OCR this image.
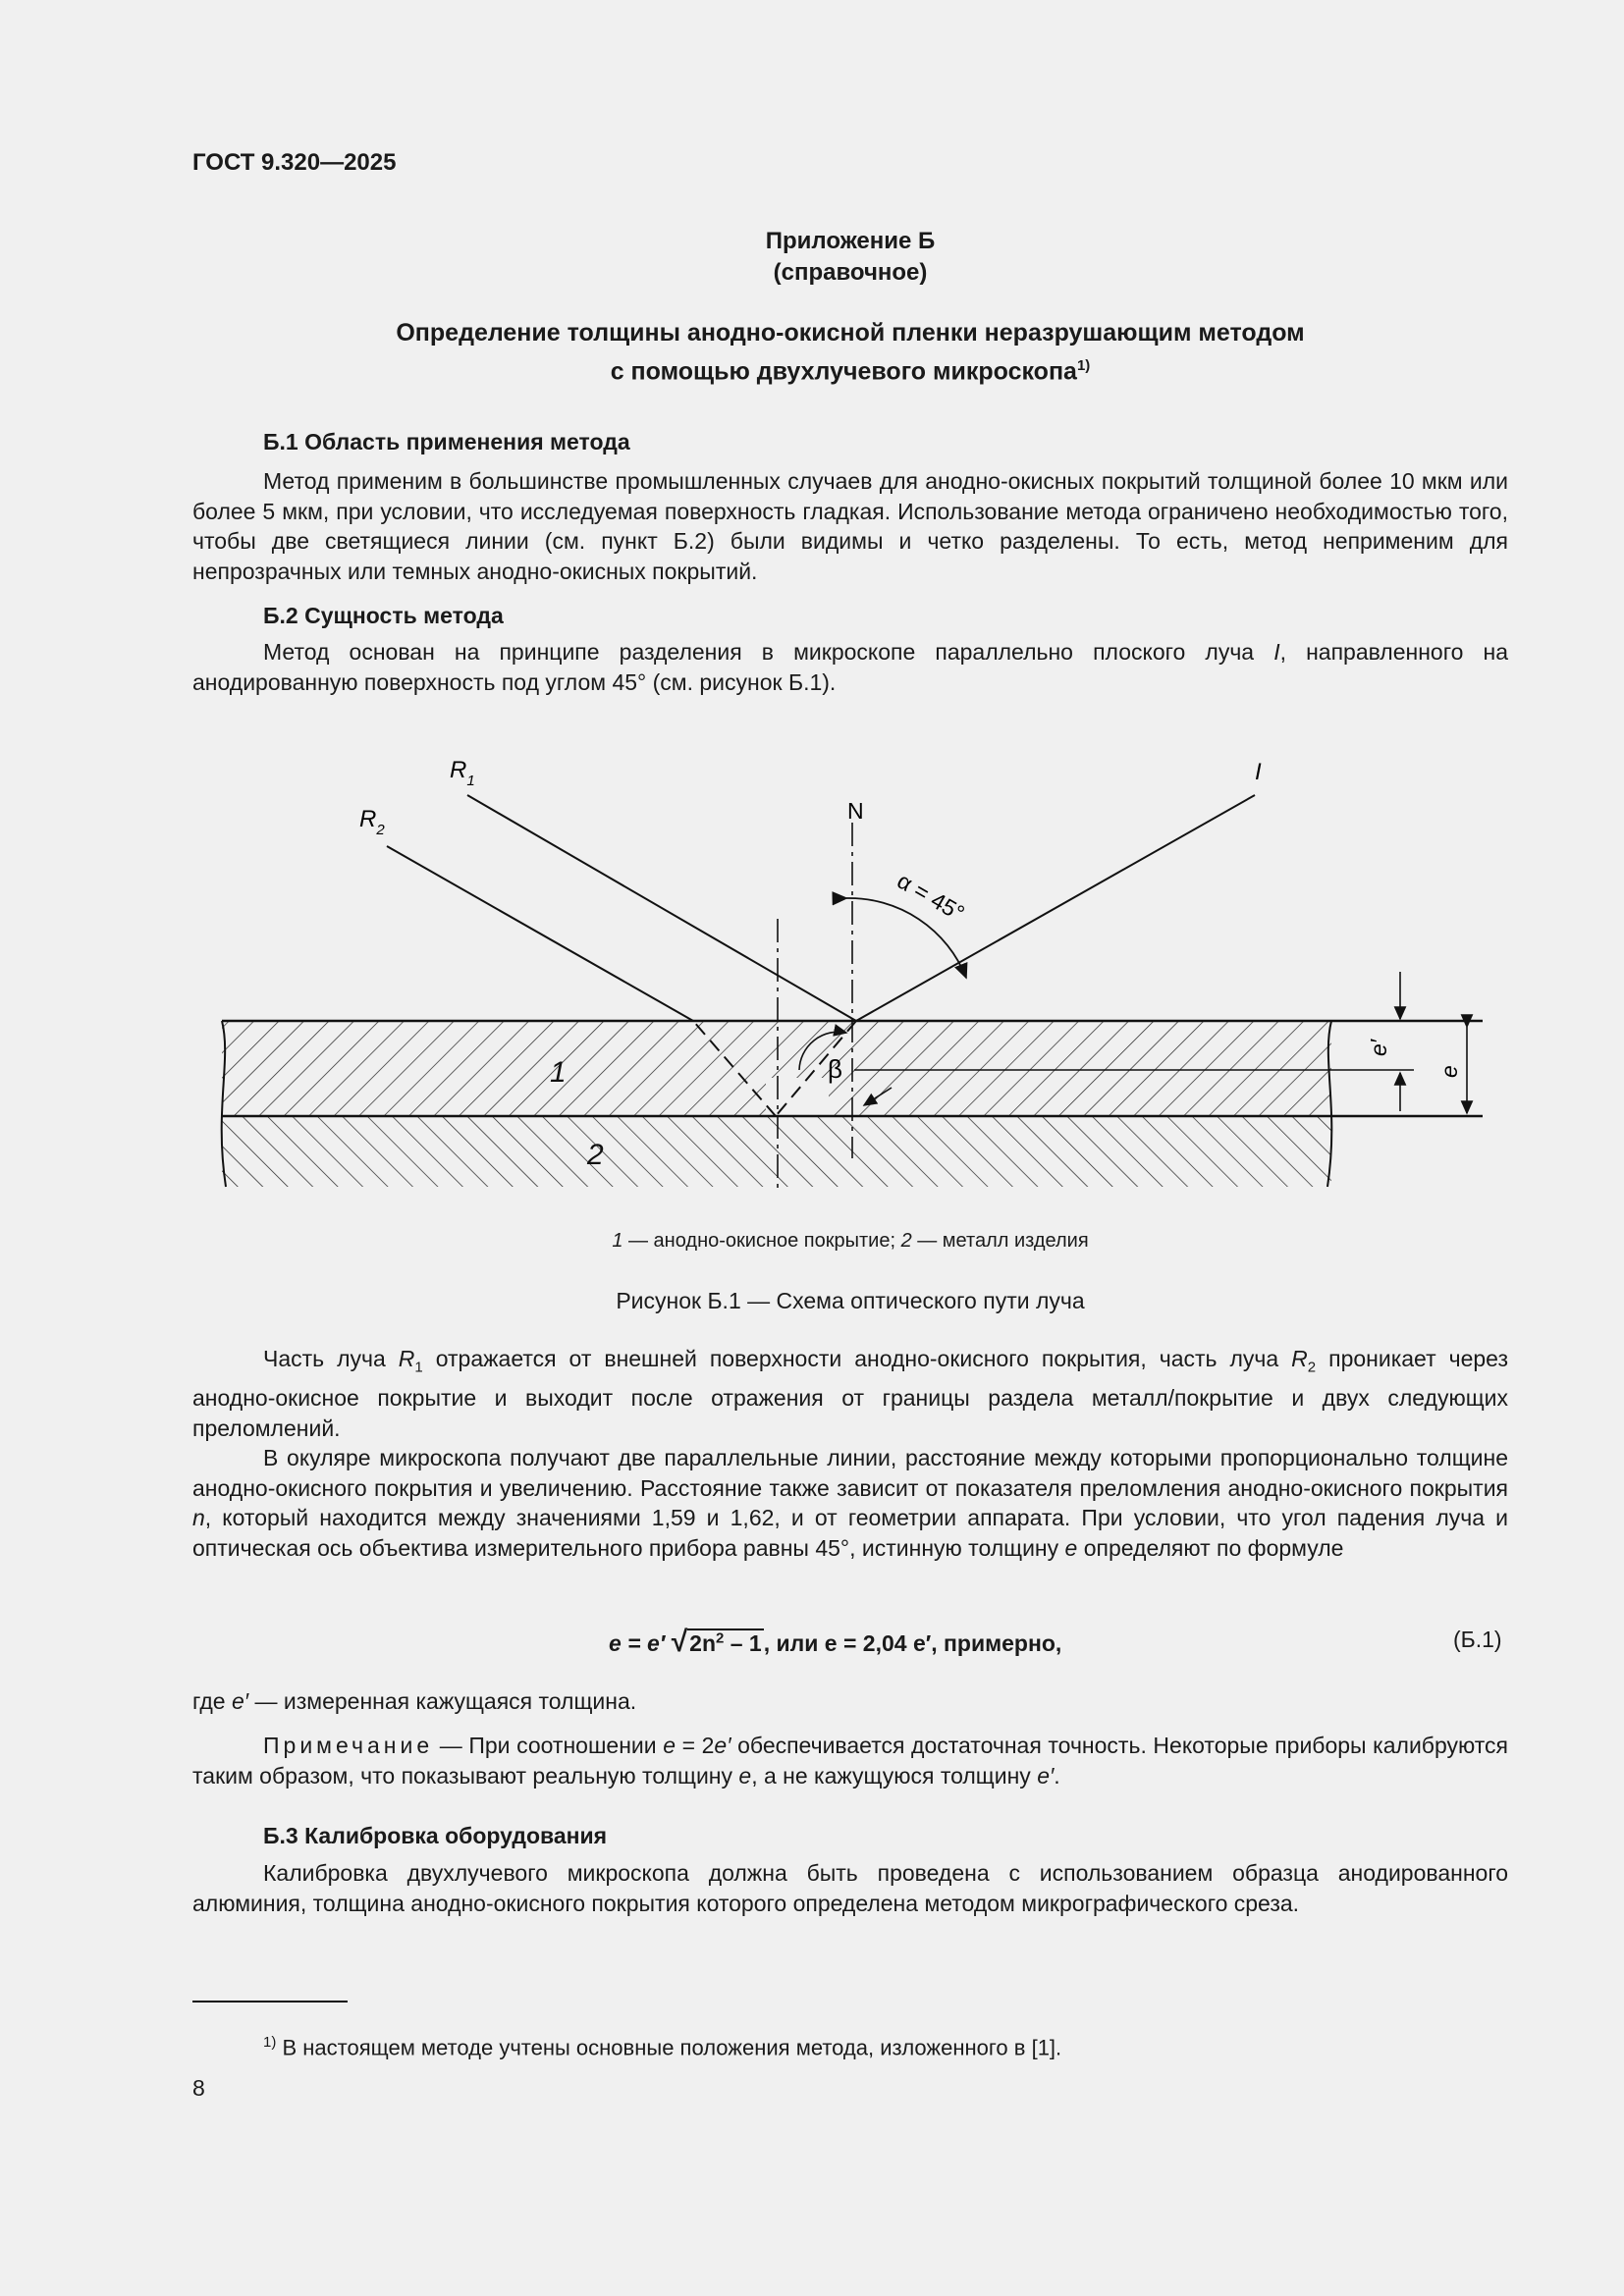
ГОСТ 9.320—2025
Приложение Б
(справочное)
Определение толщины анодно-окисной пленки неразрушающим методом
с помощью двухлучевого микроскопа$^{1)}$
Б.1 Область применения метода

Метод применим в большинстве промышленных случаев для анодно-окисных покрытий толщиной более 10 мкм или более 5 мкм, при условии, что исследуемая поверхность гладкая. Использование метода ограничено необходимостью того, чтобы две светящиеся линии (см. пункт Б.2) были видимы и четко разделены. То есть, метод неприменим для непрозрачных или темных анодно-окисных покрытий.

Б.2 Сущность метода

Метод основан на принципе разделения в микроскопе параллельно плоского луча I, направленного на анодированную поверхность под углом 45° (см. рисунок Б.1).

$R_1$
$R_2$
N
I
α = 45°
β
1
2
e′
e
1 — анодно-окисное покрытие; 2 — металл изделия
Рисунок Б.1 — Схема оптического пути луча

Часть луча $R_1$ отражается от внешней поверхности анодно-окисного покрытия, часть луча $R_2$ проникает через анодно-окисное покрытие и выходит после отражения от границы раздела металл/покрытие и двух следующих преломлений.

В окуляре микроскопа получают две параллельные линии, расстояние между которыми пропорционально толщине анодно-окисного покрытия и увеличению. Расстояние также зависит от показателя преломления анодно-окисного покрытия n, который находится между значениями 1,59 и 1,62, и от геометрии аппарата. При условии, что угол падения луча и оптическая ось объектива измерительного прибора равны 45°, истинную толщину e определяют по формуле

e = e′ $√2n^2 - 1$, или e = 2,04 e′, примерно,	(Б.1)
где e′ — измеренная кажущаяся толщина.

Примечание — При соотношении e = 2e′ обеспечивается достаточная точность. Некоторые приборы калибруются таким образом, что показывают реальную толщину e, а не кажущуюся толщину e′.

Б.3 Калибровка оборудования

Калибровка двухлучевого микроскопа должна быть проведена с использованием образца анодированного алюминия, толщина анодно-окисного покрытия которого определена методом микрографического среза.

$^{1)}$ В настоящем методе учтены основные положения метода, изложенного в [1].
8
